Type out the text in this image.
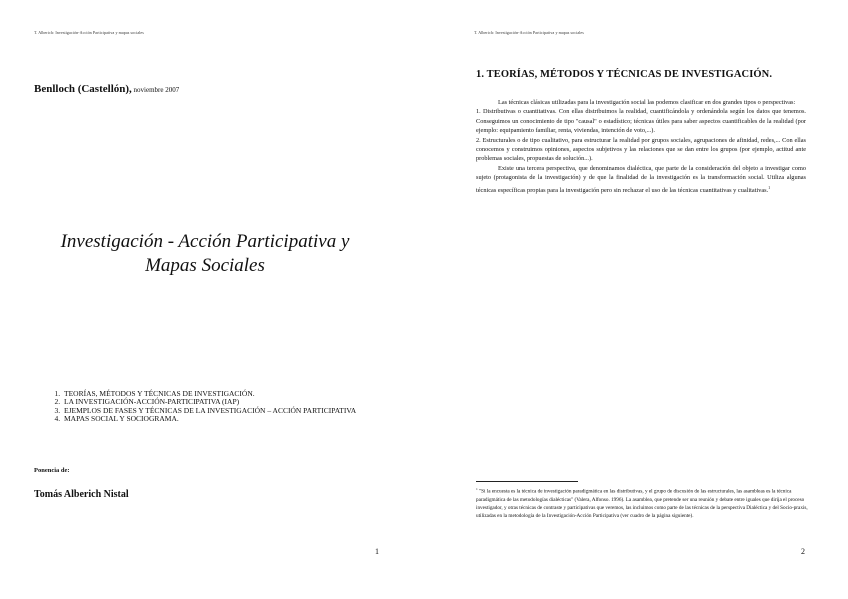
T. Alberich: Investigación-Acción Participativa y mapas sociales
Benlloch (Castellón), noviembre 2007
Investigación - Acción Participativa y
Mapas Sociales
1. TEORÍAS, MÉTODOS Y TÉCNICAS DE INVESTIGACIÓN.
2. LA INVESTIGACIÓN-ACCIÓN-PARTICIPATIVA (IAP)
3. EJEMPLOS DE FASES Y TÉCNICAS DE LA INVESTIGACIÓN – ACCIÓN PARTICIPATIVA
4. MAPAS SOCIAL Y SOCIOGRAMA.
Ponencia de:
Tomás Alberich Nistal
1
T. Alberich: Investigación-Acción Participativa y mapas sociales
1. TEORÍAS, MÉTODOS Y TÉCNICAS DE INVESTIGACIÓN.

Las técnicas clásicas utilizadas para la investigación social las podemos clasificar en dos grandes tipos o perspectivas:

1. Distributivas o cuantitativas. Con ellas distribuimos la realidad, cuantificándola y ordenándola según los datos que tenemos. Conseguimos un conocimiento de tipo "causal" o estadístico; técnicas útiles para saber aspectos cuantificables de la realidad (por ejemplo: equipamiento familiar, renta, viviendas, intención de voto,...).

2. Estructurales o de tipo cualitativo, para estructurar la realidad por grupos sociales, agrupaciones de afinidad, redes,... Con ellas conocemos y construimos opiniones, aspectos subjetivos y las relaciones que se dan entre los grupos (por ejemplo, actitud ante problemas sociales, propuestas de solución...).

Existe una tercera perspectiva, que denominamos dialéctica, que parte de la consideración del objeto a investigar como sujeto (protagonista de la investigación) y de que la finalidad de la investigación es la transformación social. Utiliza algunas técnicas específicas propias para la investigación pero sin rechazar el uso de las técnicas cuantitativas y cualitativas.$^1$

$^1$ "Si la encuesta es la técnica de investigación paradigmática en las distributivas, y el grupo de discusión de las estructurales, las asambleas es la técnica paradigmática de las metodologías dialécticas" (Valera, Alfonso. 1996). La asamblea, que pretende ser una reunión y debate entre iguales que dirija el proceso investigador, y otras técnicas de contraste y participativas que veremos, las incluimos como parte de las técnicas de la perspectiva Dialéctica y del Socio-praxis, utilizadas en la metodología de la Investigación-Acción Participativa (ver cuadro de la página siguiente).
2
